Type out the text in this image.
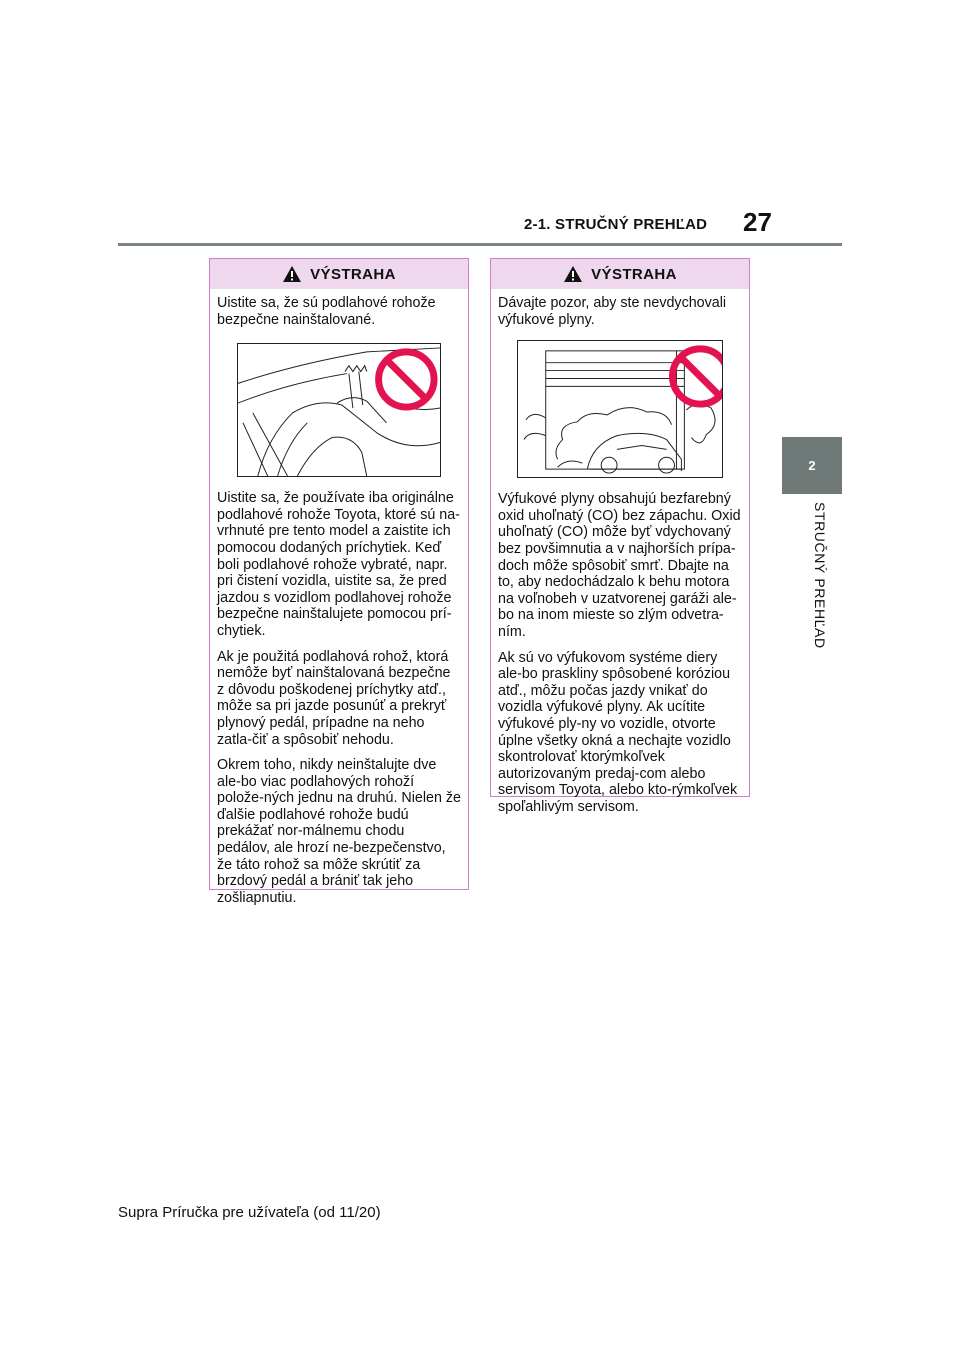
2-1. STRUČNÝ PREHĽAD 27
2
STRUČNÝ PREHĽAD
VÝSTRAHA

Uistite sa, že sú podlahové rohože bezpečne nainštalované.

Uistite sa, že používate iba originálne podlahové rohože Toyota, ktoré sú na-vrhnuté pre tento model a zaistite ich pomocou dodaných príchytiek. Keď boli podlahové rohože vybraté, napr. pri čistení vozidla, uistite sa, že pred jazdou s vozidlom podlahovej rohože bezpečne nainštalujete pomocou prí-chytiek.

Ak je použitá podlahová rohož, ktorá nemôže byť nainštalovaná bezpečne z dôvodu poškodenej príchytky atď., môže sa pri jazde posunúť a prekryť plynový pedál, prípadne na neho zatla-čiť a spôsobiť nehodu.

Okrem toho, nikdy neinštalujte dve ale-bo viac podlahových rohoží polože-ných jednu na druhú. Nielen že ďalšie podlahové rohože budú prekážať nor-málnemu chodu pedálov, ale hrozí ne-bezpečenstvo, že táto rohož sa môže skrútiť za brzdový pedál a brániť tak jeho zošliapnutiu.

VÝSTRAHA

Dávajte pozor, aby ste nevdychovali výfukové plyny.

Výfukové plyny obsahujú bezfarebný oxid uhoľnatý (CO) bez zápachu. Oxid uhoľnatý (CO) môže byť vdychovaný bez povšimnutia a v najhorších prípa-doch môže spôsobiť smrť. Dbajte na to, aby nedochádzalo k behu motora na voľnobeh v uzatvorenej garáži ale-bo na inom mieste so zlým odvetra-ním.

Ak sú vo výfukovom systéme diery ale-bo praskliny spôsobené koróziou atď., môžu počas jazdy vnikať do vozidla výfukové plyny. Ak ucítite výfukové ply-ny vo vozidle, otvorte úplne všetky okná a nechajte vozidlo skontrolovať ktorýmkoľvek autorizovaným predaj-com alebo servisom Toyota, alebo kto-rýmkoľvek spoľahlivým servisom.

Supra Príručka pre užívateľa (od 11/20)
